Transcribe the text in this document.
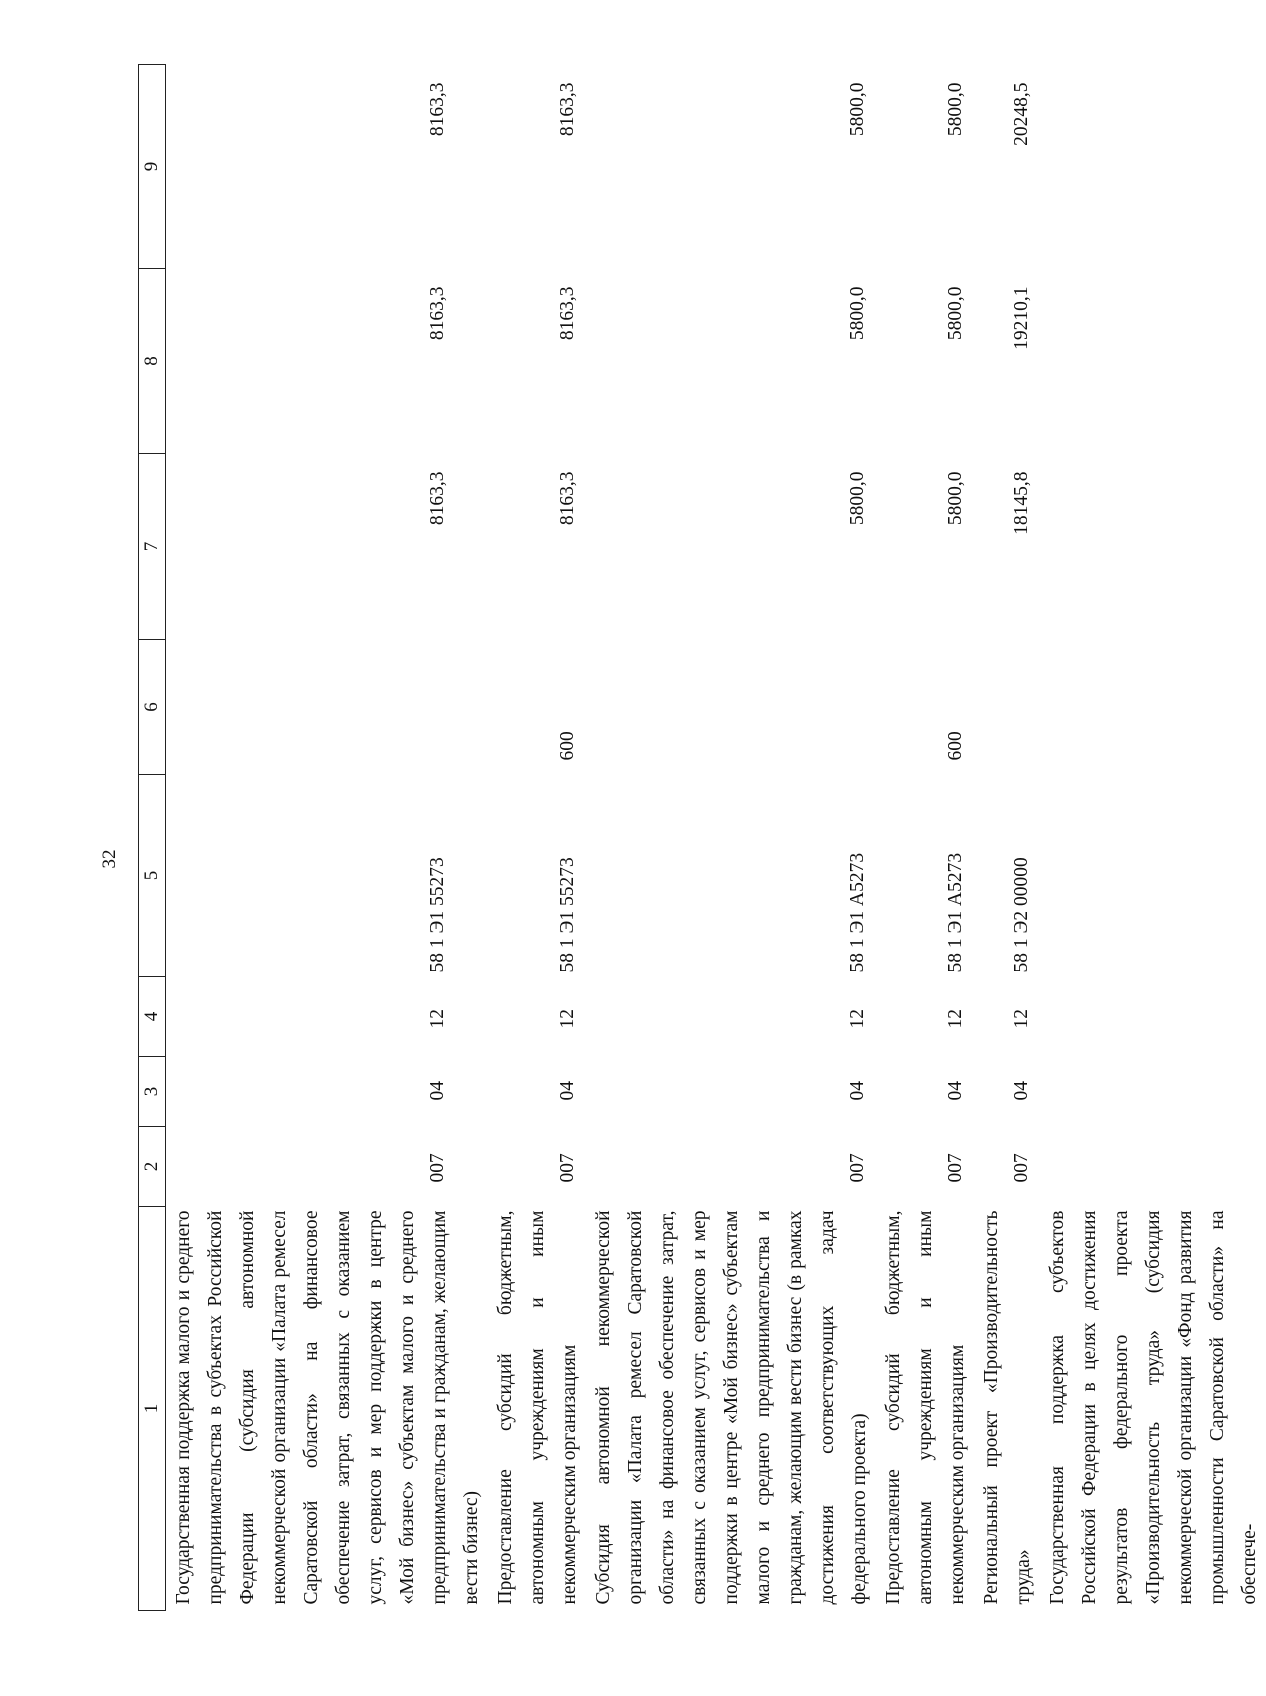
32
1	2	3	4	5	6	7	8	9
Государственная поддержка малого и среднего предпринимательства в субъектах Российской Федерации (субсидия автономной некоммерческой организации «Палата ремесел Саратовской области» на финансовое обеспечение затрат, связанных с оказанием услуг, сервисов и мер поддержки в центре «Мой бизнес» субъектам малого и среднего предпринимательства и гражданам, желающим вести бизнес)	007	04	12	58 1 Э1 55273		8163,3	8163,3	8163,3
Предоставление субсидий бюджетным, автономным учреждениям и иным некоммерческим организациям	007	04	12	58 1 Э1 55273	600	8163,3	8163,3	8163,3
Субсидия автономной некоммерческой организации «Палата ремесел Саратовской области» на финансовое обеспечение затрат, связанных с оказанием услуг, сервисов и мер поддержки в центре «Мой бизнес» субъектам малого и среднего предпринимательства и гражданам, желающим вести бизнес (в рамках достижения соответствующих задач федерального проекта)	007	04	12	58 1 Э1 А5273		5800,0	5800,0	5800,0
Предоставление субсидий бюджетным, автономным учреждениям и иным некоммерческим организациям	007	04	12	58 1 Э1 А5273	600	5800,0	5800,0	5800,0
Региональный проект «Производительность труда»	007	04	12	58 1 Э2 00000		18145,8	19210,1	20248,5
Государственная поддержка субъектов Российской Федерации в целях достижения результатов федерального проекта «Производительность труда» (субсидия некоммерческой организации «Фонд развития промышленности Саратовской области» на обеспече-								
